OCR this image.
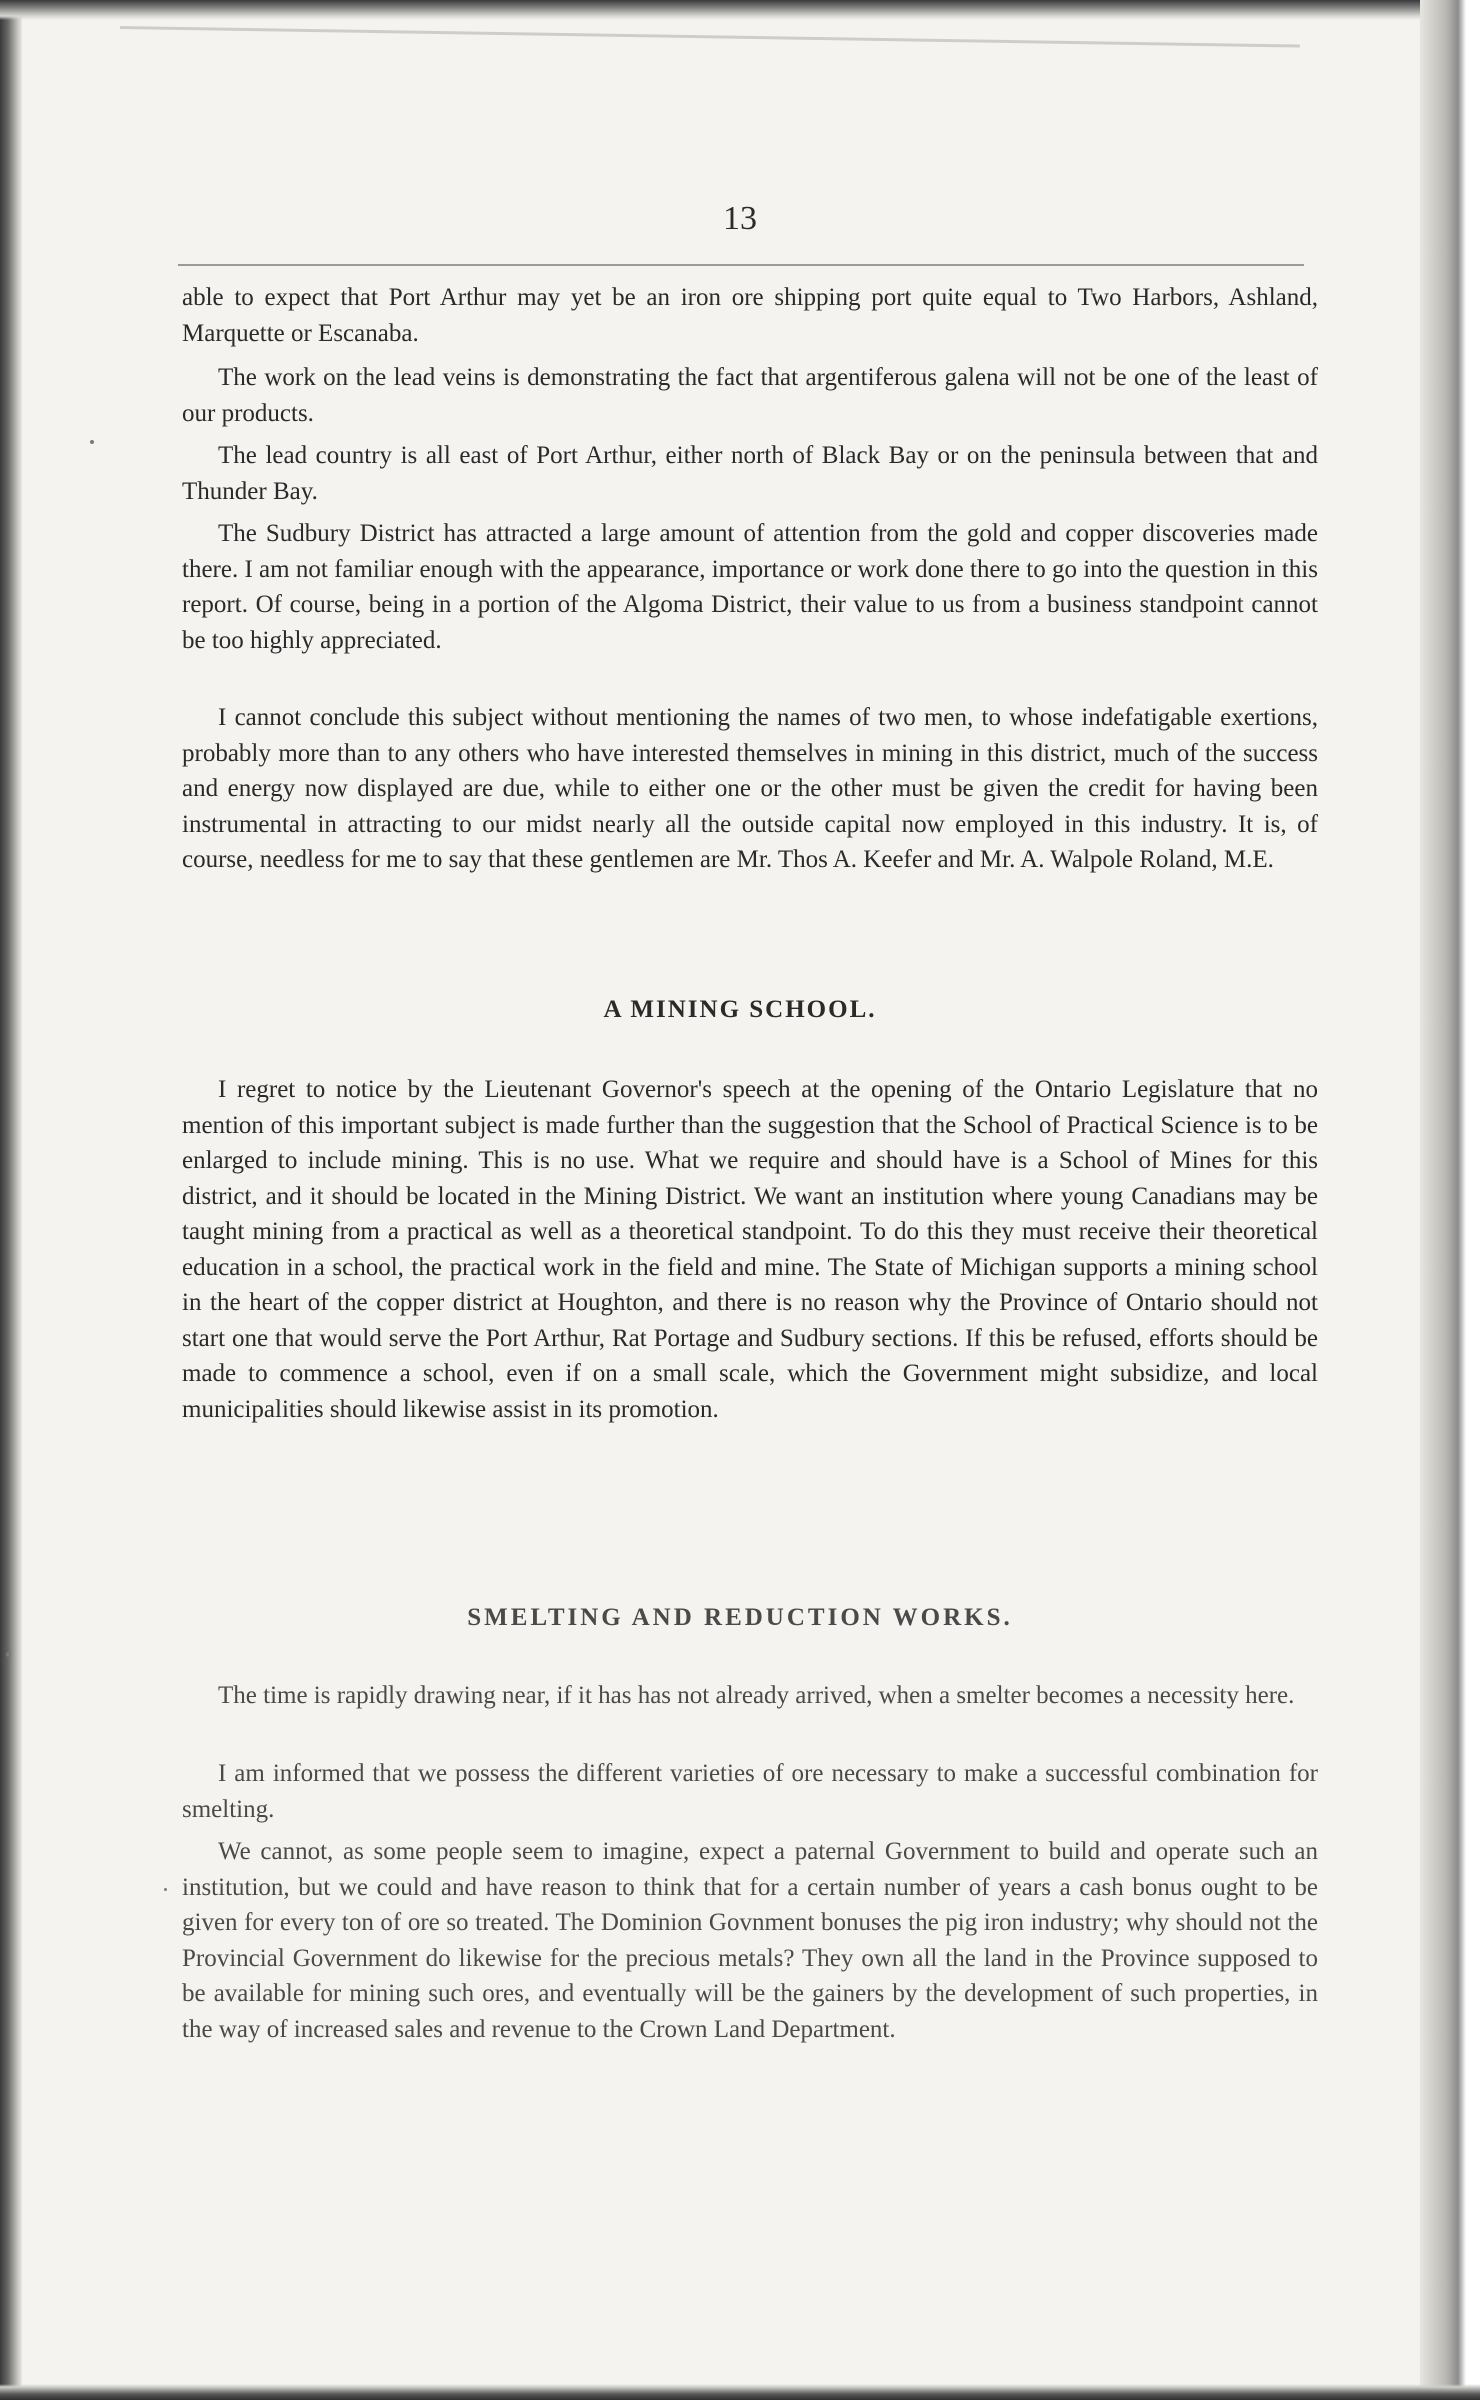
13

able to expect that Port Arthur may yet be an iron ore shipping port quite equal to Two Harbors, Ashland, Marquette or Escanaba.

The work on the lead veins is demonstrating the fact that argentiferous galena will not be one of the least of our products.

The lead country is all east of Port Arthur, either north of Black Bay or on the peninsula between that and Thunder Bay.

The Sudbury District has attracted a large amount of attention from the gold and copper discoveries made there. I am not familiar enough with the appearance, importance or work done there to go into the question in this report. Of course, being in a portion of the Algoma District, their value to us from a business standpoint cannot be too highly appreciated.

I cannot conclude this subject without mentioning the names of two men, to whose indefatigable exertions, probably more than to any others who have interested themselves in mining in this district, much of the success and energy now displayed are due, while to either one or the other must be given the credit for having been instrumental in attracting to our midst nearly all the outside capital now employed in this industry. It is, of course, needless for me to say that these gentlemen are Mr. Thos A. Keefer and Mr. A. Walpole Roland, M.E.

A MINING SCHOOL.

I regret to notice by the Lieutenant Governor's speech at the opening of the Ontario Legislature that no mention of this important subject is made further than the suggestion that the School of Practical Science is to be enlarged to include mining. This is no use. What we require and should have is a School of Mines for this district, and it should be located in the Mining District. We want an institution where young Canadians may be taught mining from a practical as well as a theoretical standpoint. To do this they must receive their theoretical education in a school, the practical work in the field and mine. The State of Michigan supports a mining school in the heart of the copper district at Houghton, and there is no reason why the Province of Ontario should not start one that would serve the Port Arthur, Rat Portage and Sudbury sections. If this be refused, efforts should be made to commence a school, even if on a small scale, which the Government might subsidize, and local municipalities should likewise assist in its promotion.

SMELTING AND REDUCTION WORKS.

The time is rapidly drawing near, if it has has not already arrived, when a smelter becomes a necessity here.

I am informed that we possess the different varieties of ore necessary to make a successful combination for smelting.

We cannot, as some people seem to imagine, expect a paternal Government to build and operate such an institution, but we could and have reason to think that for a certain number of years a cash bonus ought to be given for every ton of ore so treated. The Dominion Govnment bonuses the pig iron industry; why should not the Provincial Government do likewise for the precious metals? They own all the land in the Province supposed to be available for mining such ores, and eventually will be the gainers by the development of such properties, in the way of increased sales and revenue to the Crown Land Department.
